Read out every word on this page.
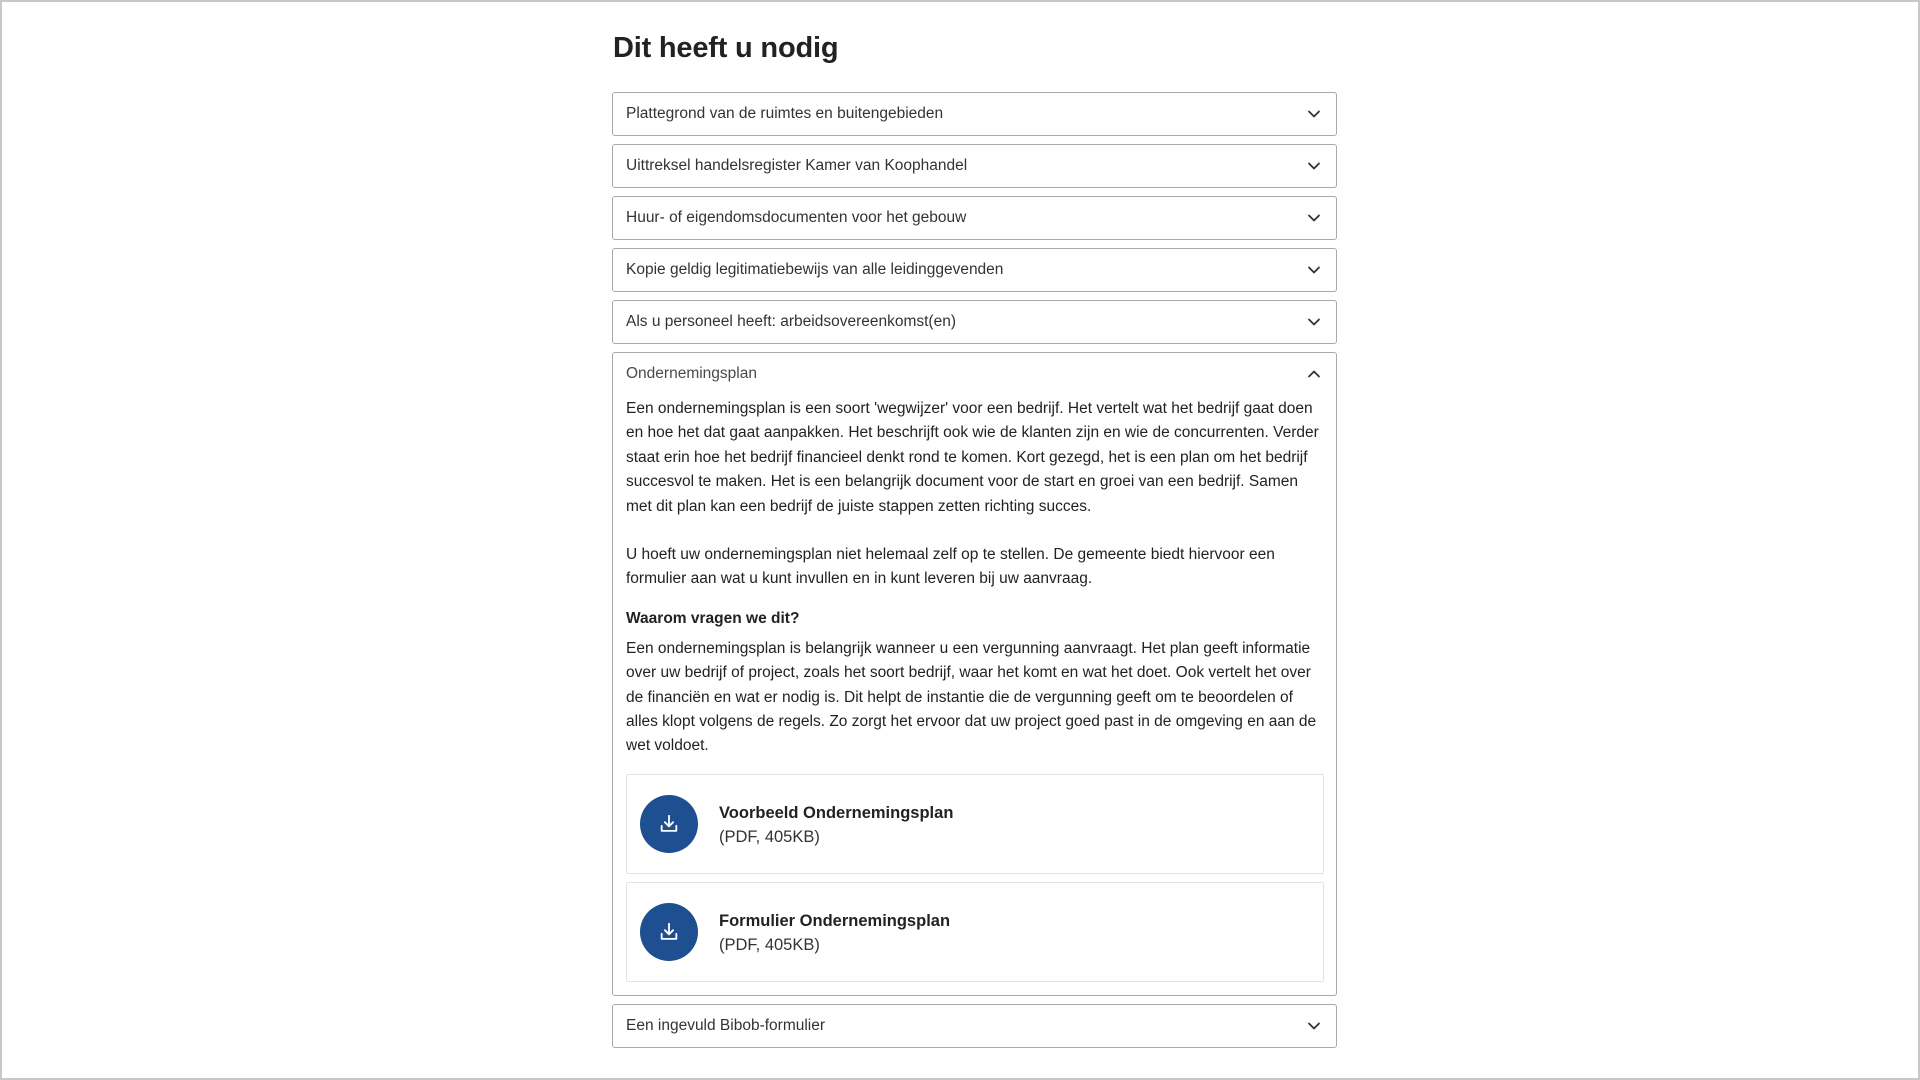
Dit heeft u nodig
Plattegrond van de ruimtes en buitengebieden
Uittreksel handelsregister Kamer van Koophandel
Huur- of eigendomsdocumenten voor het gebouw
Kopie geldig legitimatiebewijs van alle leidinggevenden
Als u personeel heeft: arbeidsovereenkomst(en)
Ondernemingsplan

Een ondernemingsplan is een soort 'wegwijzer' voor een bedrijf. Het vertelt wat het bedrijf gaat doen en hoe het dat gaat aanpakken. Het beschrijft ook wie de klanten zijn en wie de concurrenten. Verder staat erin hoe het bedrijf financieel denkt rond te komen. Kort gezegd, het is een plan om het bedrijf succesvol te maken. Het is een belangrijk document voor de start en groei van een bedrijf. Samen met dit plan kan een bedrijf de juiste stappen zetten richting succes.

U hoeft uw ondernemingsplan niet helemaal zelf op te stellen. De gemeente biedt hiervoor een formulier aan wat u kunt invullen en in kunt leveren bij uw aanvraag.

Waarom vragen we dit?

Een ondernemingsplan is belangrijk wanneer u een vergunning aanvraagt. Het plan geeft informatie over uw bedrijf of project, zoals het soort bedrijf, waar het komt en wat het doet. Ook vertelt het over de financiën en wat er nodig is. Dit helpt de instantie die de vergunning geeft om te beoordelen of alles klopt volgens de regels. Zo zorgt het ervoor dat uw project goed past in de omgeving en aan de wet voldoet.

Voorbeeld Ondernemingsplan
(PDF, 405KB)
Formulier Ondernemingsplan
(PDF, 405KB)
Een ingevuld Bibob-formulier
